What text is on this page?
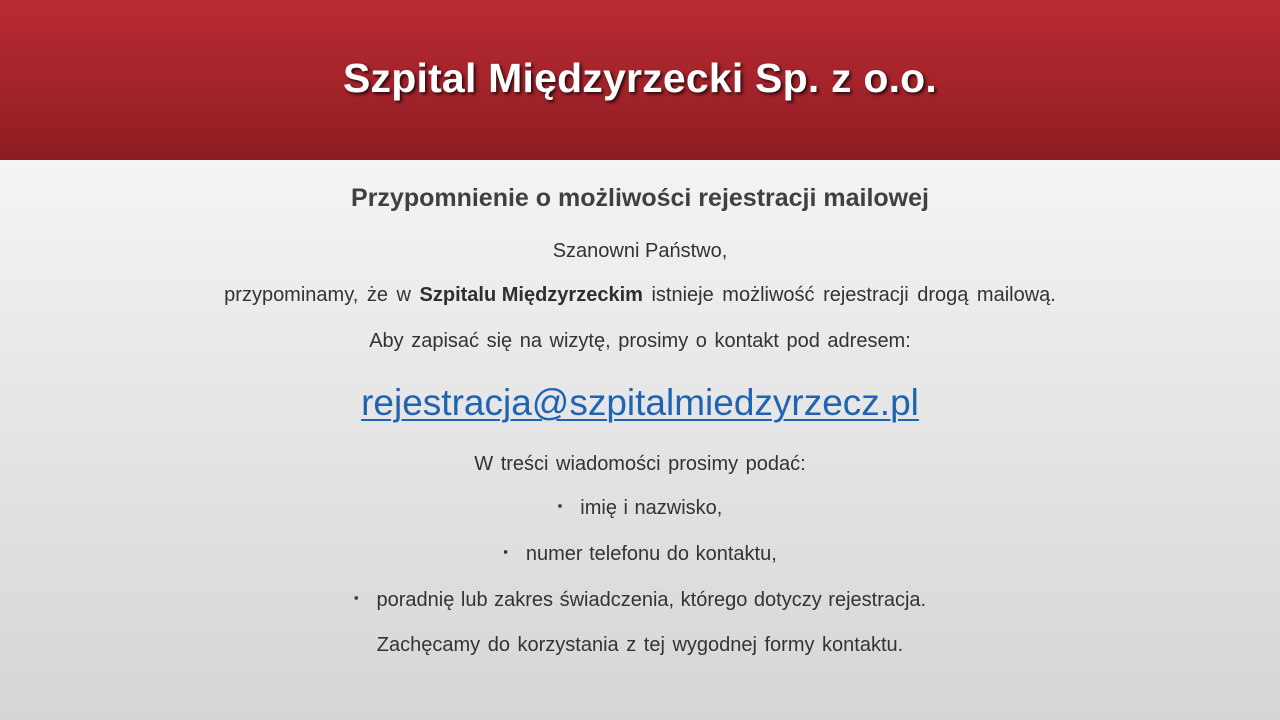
Szpital Międzyrzecki Sp. z o.o.
Przypomnienie o możliwości rejestracji mailowej
Szanowni Państwo,
przypominamy, że w Szpitalu Międzyrzeckim istnieje możliwość rejestracji drogą mailową.
Aby zapisać się na wizytę, prosimy o kontakt pod adresem:
rejestracja@szpitalmiedzyrzecz.pl
W treści wiadomości prosimy podać:
▪ imię i nazwisko,
▪ numer telefonu do kontaktu,
▪ poradnię lub zakres świadczenia, którego dotyczy rejestracja.
Zachęcamy do korzystania z tej wygodnej formy kontaktu.
